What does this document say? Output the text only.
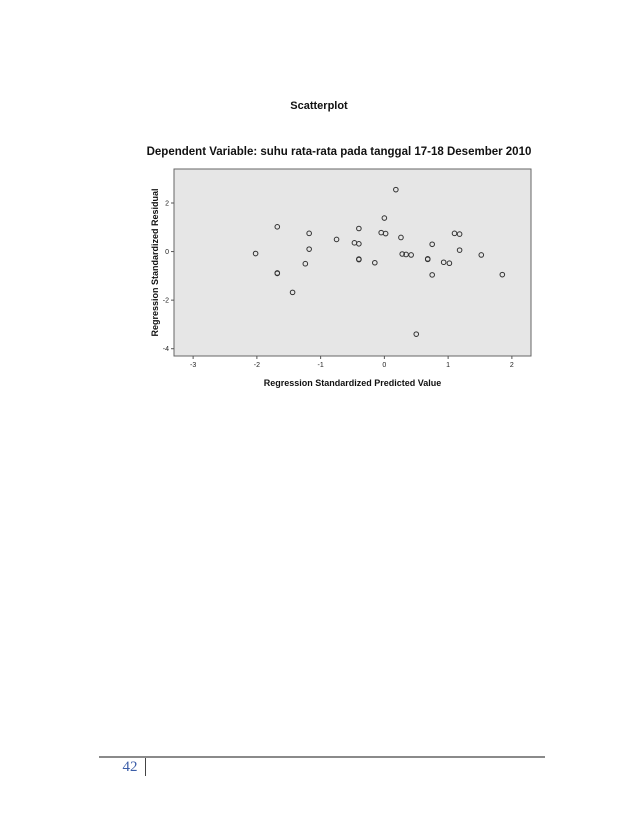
Scatterplot
Dependent Variable: suhu rata-rata pada tanggal 17-18 Desember 2010
-3	-2	-1	0	1	2
-4
-2
0
2
Regression Standardized Predicted Value
Regression Standardized Residual
42
